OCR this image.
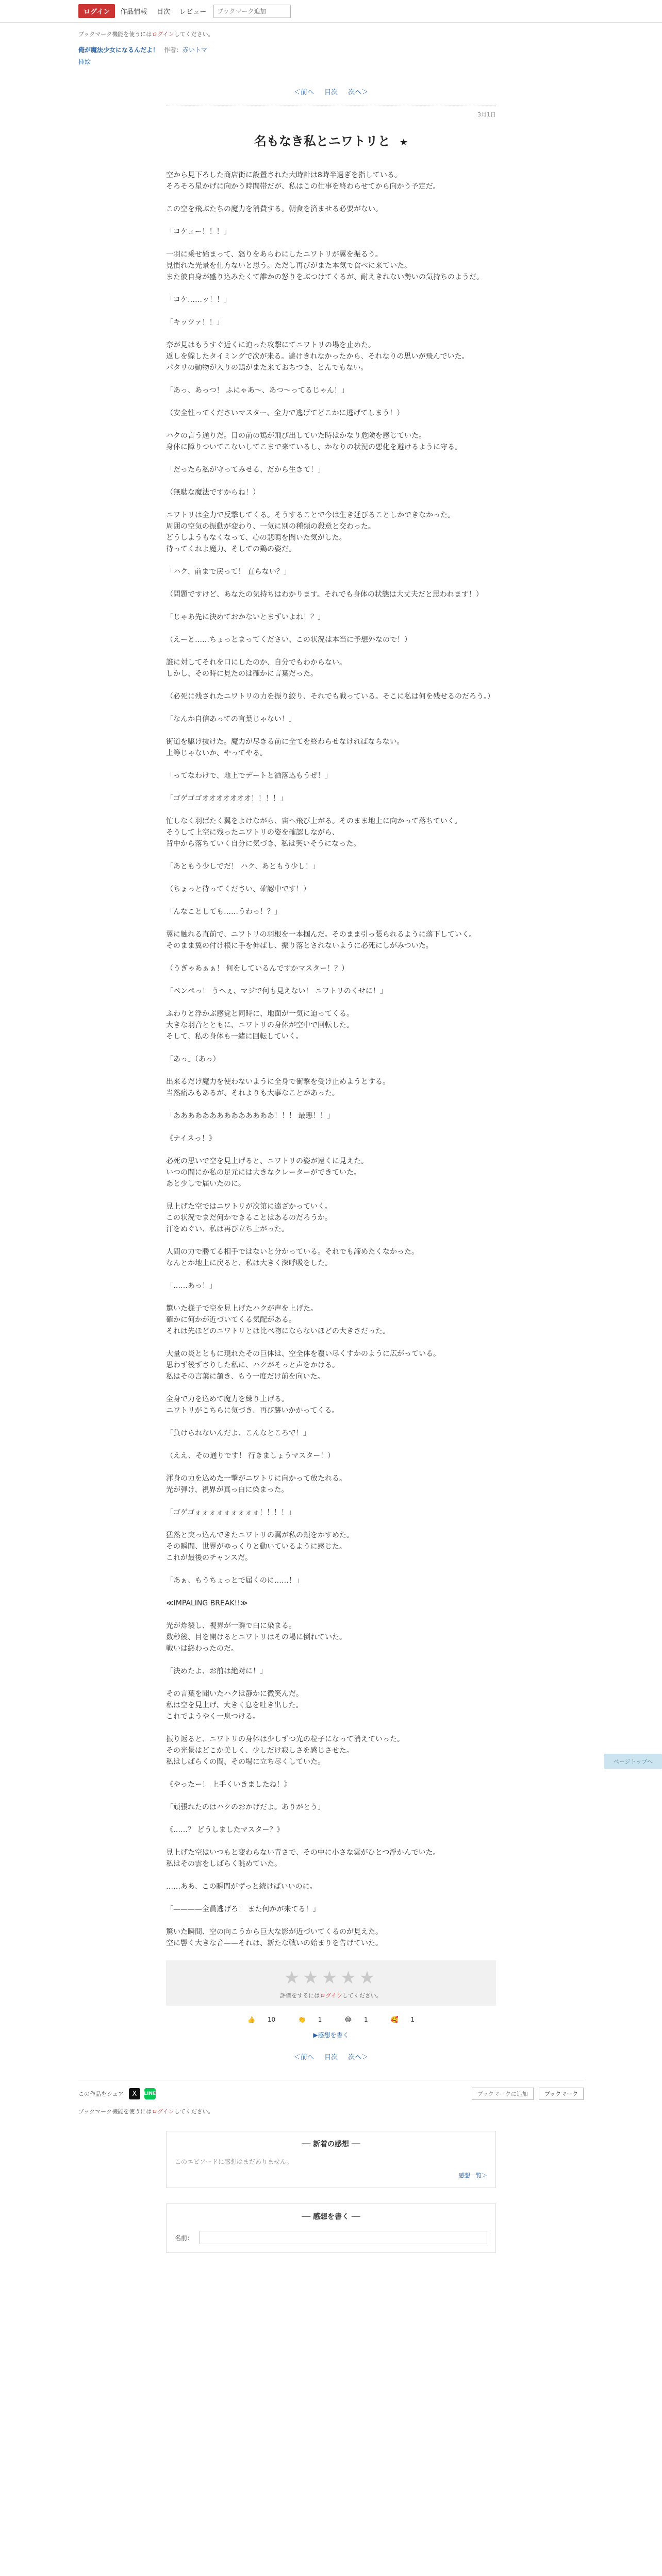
ログイン	作品情報 目次 レビュー
ブックマーク追加
ブックマーク機能を使うにはログインしてください。
俺が魔法少女になるんだよ！ 作者：赤いトマ
挿絵
＜前へ 目次 次へ＞
3月1日
名もなき私とニワトリと ★

空から見下ろした商店街に設置された大時計は8時半過ぎを指している。
そろそろ星かげに向かう時間帯だが、私はこの仕事を終わらせてから向かう予定だ。

この空を飛ぶたちの魔力を消費する。朝食を済ませる必要がない。

「コケェー！！！」

一羽に乗せ始まって、怒りをあらわにしたニワトリが翼を振るう。
見慣れた光景を仕方ないと思う。ただし再びがまた本気で食べに来ていた。
また彼自身が盛り込みたくて誰かの怒りをぶつけてくるが、耐えきれない勢いの気持ちのようだ。

「コケ……ッ！！」

「キッツァ！！」

奈が見はもうすぐ近くに迫った攻撃にてニワトリの場を止めた。
返しを躱したタイミングで次が来る。避けきれなかったから、それなりの思いが飛んでいた。
パタリの動物が入りの鶏がまた来ておちつき、とんでもない。

「あっ、あっつ！ ふにゃあ〜、あつ〜ってるじゃん！」

（安全性ってくださいマスター、全力で逃げてどこかに逃げてしまう！）

ハクの言う通りだ。目の前の鶏が飛び出していた時はかなり危険を感じていた。
身体に障りついてこないしてこまで来ているし、かなりの状況の悪化を避けるように守る。

「だったら私が守ってみせる、だから生きて！」

（無駄な魔法ですからね！）

ニワトリは全力で反撃してくる。そうすることで今は生き延びることしかできなかった。
周囲の空気の振動が変わり、一気に別の種類の殺意と交わった。
どうしようもなくなって、心の悲鳴を聞いた気がした。
待ってくれよ魔力、そしての鶏の姿だ。

「ハク、前まで戻って！ 直らない？」

（問題ですけど、あなたの気持ちはわかります。それでも身体の状態は大丈夫だと思われます！）

「じゃあ先に決めておかないとまずいよね！？」

（えーと……ちょっとまってください、この状況は本当に予想外なので！）

誰に対してそれを口にしたのか、自分でもわからない。
しかし、その時に見たのは確かに言葉だった。

（必死に残されたニワトリの力を振り絞り、それでも戦っている。そこに私は何を残せるのだろう。）

「なんか自信あっての言葉じゃない！」

街道を駆け抜けた。魔力が尽きる前に全てを終わらせなければならない。
上等じゃないか、やってやる。

「ってなわけで、地上でデートと洒落込もうぜ！」

「ゴゲゴゴオオオオオオオ！！！！」

忙しなく羽ばたく翼をよけながら、宙へ飛び上がる。そのまま地上に向かって落ちていく。
そうして上空に残ったニワトリの姿を確認しながら、
背中から落ちていく自分に気づき、私は笑いそうになった。

「あともう少しでだ！ ハク、あともう少し！」

（ちょっと待ってください、確認中です！）

「んなことしても……うわっ！？」

翼に触れる直前で、ニワトリの羽根を一本掴んだ。そのまま引っ張られるように落下していく。
そのまま翼の付け根に手を伸ばし、振り落とされないように必死にしがみついた。

（うぎゃあぁぁ！ 何をしているんですかマスター！？）

「ペンペっ！ うへぇ、マジで何も見えない！ ニワトリのくせに！」

ふわりと浮かぶ感覚と同時に、地面が一気に迫ってくる。
大きな羽音とともに、ニワトリの身体が空中で回転した。
そして、私の身体も一緒に回転していく。

「あっ」（あっ）

出来るだけ魔力を使わないように全身で衝撃を受け止めようとする。
当然痛みもあるが、それよりも大事なことがあった。

「ああああああああああああああ！！！ 最悪！！」

《ナイスっ！》

必死の思いで空を見上げると、ニワトリの姿が遠くに見えた。
いつの間にか私の足元には大きなクレーターができていた。
あと少しで届いたのに。

見上げた空ではニワトリが次第に遠ざかっていく。
この状況でまだ何かできることはあるのだろうか。
汗をぬぐい、私は再び立ち上がった。

人間の力で勝てる相手ではないと分かっている。それでも諦めたくなかった。
なんとか地上に戻ると、私は大きく深呼吸をした。

「……あっ！」

驚いた様子で空を見上げたハクが声を上げた。
確かに何かが近づいてくる気配がある。
それは先ほどのニワトリとは比べ物にならないほどの大きさだった。

大量の炎とともに現れたその巨体は、空全体を覆い尽くすかのように広がっている。
思わず後ずさりした私に、ハクがそっと声をかける。
私はその言葉に頷き、もう一度だけ前を向いた。

全身で力を込めて魔力を練り上げる。
ニワトリがこちらに気づき、再び襲いかかってくる。

「負けられないんだよ、こんなところで！」

（ええ、その通りです！ 行きましょうマスター！）

渾身の力を込めた一撃がニワトリに向かって放たれる。
光が弾け、視界が真っ白に染まった。

「ゴゲゴォォォォォォォォォ！！！！」

猛然と突っ込んできたニワトリの翼が私の頬をかすめた。
その瞬間、世界がゆっくりと動いているように感じた。
これが最後のチャンスだ。

「あぁ、もうちょっとで届くのに……！」

≪IMPALING BREAK!!≫

光が炸裂し、視界が一瞬で白に染まる。
数秒後、目を開けるとニワトリはその場に倒れていた。
戦いは終わったのだ。

「決めたよ、お前は絶対に！」

その言葉を聞いたハクは静かに微笑んだ。
私は空を見上げ、大きく息を吐き出した。
これでようやく一息つける。

振り返ると、ニワトリの身体は少しずつ光の粒子になって消えていった。
その光景はどこか美しく、少しだけ寂しさを感じさせた。
私はしばらくの間、その場に立ち尽くしていた。

《やったー！ 上手くいきましたね！》

「頑張れたのはハクのおかげだよ。ありがとう」

《……？ どうしましたマスター？》

見上げた空はいつもと変わらない青さで、その中に小さな雲がひとつ浮かんでいた。
私はその雲をしばらく眺めていた。

……ああ、この瞬間がずっと続けばいいのに。

「————全員逃げろ！ また何かが来てる！」

驚いた瞬間、空の向こうから巨大な影が近づいてくるのが見えた。
空に響く大きな音——それは、新たな戦いの始まりを告げていた。

ページトップへ
★★★★★
評価をするにはログインしてください。
👍 10	👏 1	😂 1	🥰 1
▶感想を書く
＜前へ 目次 次へ＞
この作品をシェア	X	LINE	ブックマークに追加	ブックマーク
ブックマーク機能を使うにはログインしてください。
── 新着の感想 ──
このエピソードに感想はまだありません。
感想一覧＞
── 感想を書く ──
名前：
